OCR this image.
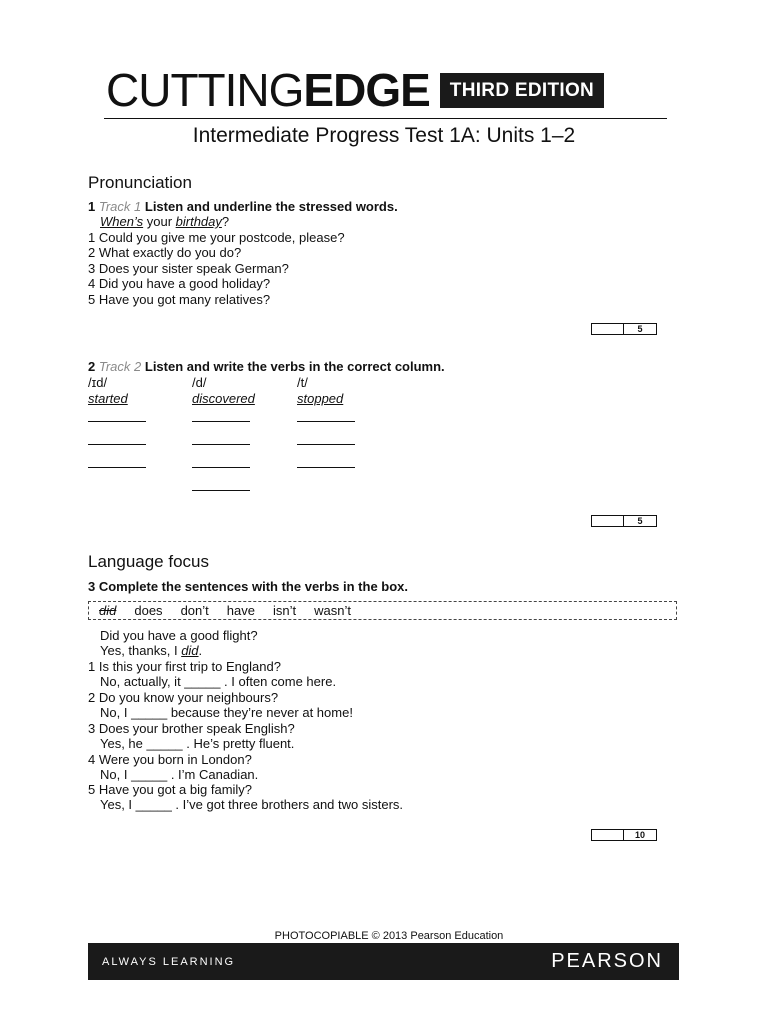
CUTTING EDGE	THIRD EDITION
Intermediate Progress Test 1A: Units 1–2
Pronunciation
1 Track 1 Listen and underline the stressed words.
When’s your birthday?
1 Could you give me your postcode, please?
2 What exactly do you do?
3 Does your sister speak German?
4 Did you have a good holiday?
5 Have you got many relatives?
5
2 Track 2 Listen and write the verbs in the correct column.
/ɪd/	/d/	/t/
started	discovered	stopped
5
Language focus
3 Complete the sentences with the verbs in the box.
did does don’t have isn’t wasn’t
Did you have a good flight?
Yes, thanks, I did.
1 Is this your first trip to England?
No, actually, it _____ . I often come here.
2 Do you know your neighbours?
No, I _____ because they’re never at home!
3 Does your brother speak English?
Yes, he _____ . He’s pretty fluent.
4 Were you born in London?
No, I _____ . I’m Canadian.
5 Have you got a big family?
Yes, I _____ . I’ve got three brothers and two sisters.
10
PHOTOCOPIABLE © 2013 Pearson Education
ALWAYS LEARNING	PEARSON
